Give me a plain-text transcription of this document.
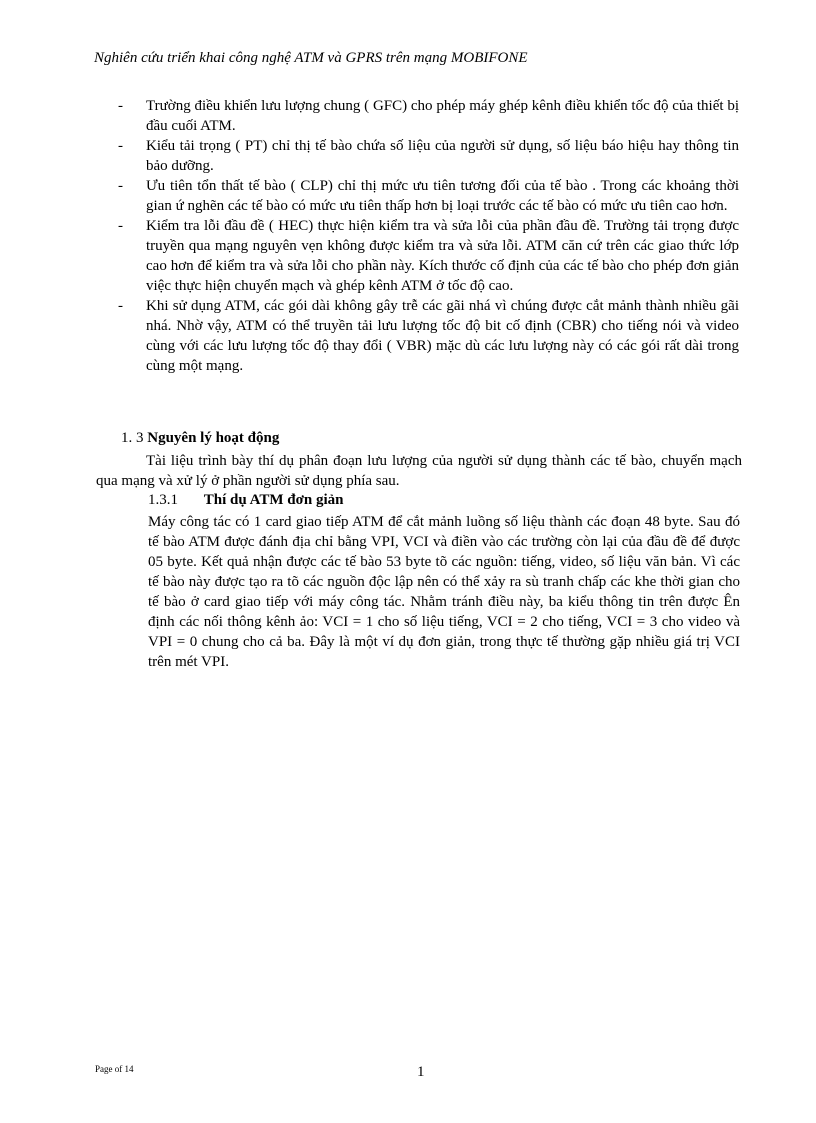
Nghiên cứu triển khai công nghệ ATM và GPRS trên mạng MOBIFONE
- Trường điều khiển lưu lượng chung ( GFC) cho phép máy ghép kênh điều khiển tốc độ của thiết bị đầu cuối ATM.
- Kiểu tải trọng ( PT) chỉ thị tế bào chứa số liệu của người sử dụng, số liệu báo hiệu hay thông tin bảo dưỡng.
- Ưu tiên tổn thất tế bào ( CLP) chỉ thị mức ưu tiên tương đối của tế bào . Trong các khoảng thời gian ứ nghẽn các tế bào có mức ưu tiên thấp hơn bị loại trước các tế bào có mức ưu tiên cao hơn.
- Kiểm tra lỗi đầu đề ( HEC) thực hiện kiểm tra và sửa lỗi của phần đầu đề. Trường tải trọng được truyền qua mạng nguyên vẹn không được kiểm tra và sửa lỗi. ATM căn cứ trên các giao thức lớp cao hơn để kiểm tra và sửa lỗi cho phần này. Kích thước cố định của các tế bào cho phép đơn giản việc thực hiện chuyển mạch và ghép kênh ATM ở tốc độ cao.
- Khi sử dụng ATM, các gói dài không gây trễ các gãi nhá vì chúng được cắt mảnh thành nhiều gãi nhá. Nhờ vậy, ATM có thể truyền tải lưu lượng tốc độ bit cố định (CBR) cho tiếng nói và video cùng với các lưu lượng tốc độ thay đổi ( VBR) mặc dù các lưu lượng này có các gói rất dài trong cùng một mạng.
1. 3 Nguyên lý hoạt động
Tài liệu trình bày thí dụ phân đoạn lưu lượng của người sử dụng thành các tế bào, chuyển mạch qua mạng và xử lý ở phần người sử dụng phía sau.
1.3.1 Thí dụ ATM đơn giản
Máy công tác có 1 card giao tiếp ATM để cắt mảnh luồng số liệu thành các đoạn 48 byte. Sau đó tế bào ATM được đánh địa chỉ bằng VPI, VCI và điền vào các trường còn lại của đầu đề để được 05 byte. Kết quả nhận được các tế bào 53 byte tõ các nguồn: tiếng, video, số liệu văn bản. Vì các tế bào này được tạo ra tõ các nguồn độc lập nên có thể xảy ra sù tranh chấp các khe thời gian cho tế bào ở card giao tiếp với máy công tác. Nhằm tránh điều này, ba kiểu thông tin trên được Ên định các nối thông kênh ảo: VCI = 1 cho số liệu tiếng, VCI = 2 cho tiếng, VCI = 3 cho video và VPI = 0 chung cho cả ba. Đây là một ví dụ đơn giản, trong thực tế thường gặp nhiều giá trị VCI trên mét VPI.
Page of 14	1
